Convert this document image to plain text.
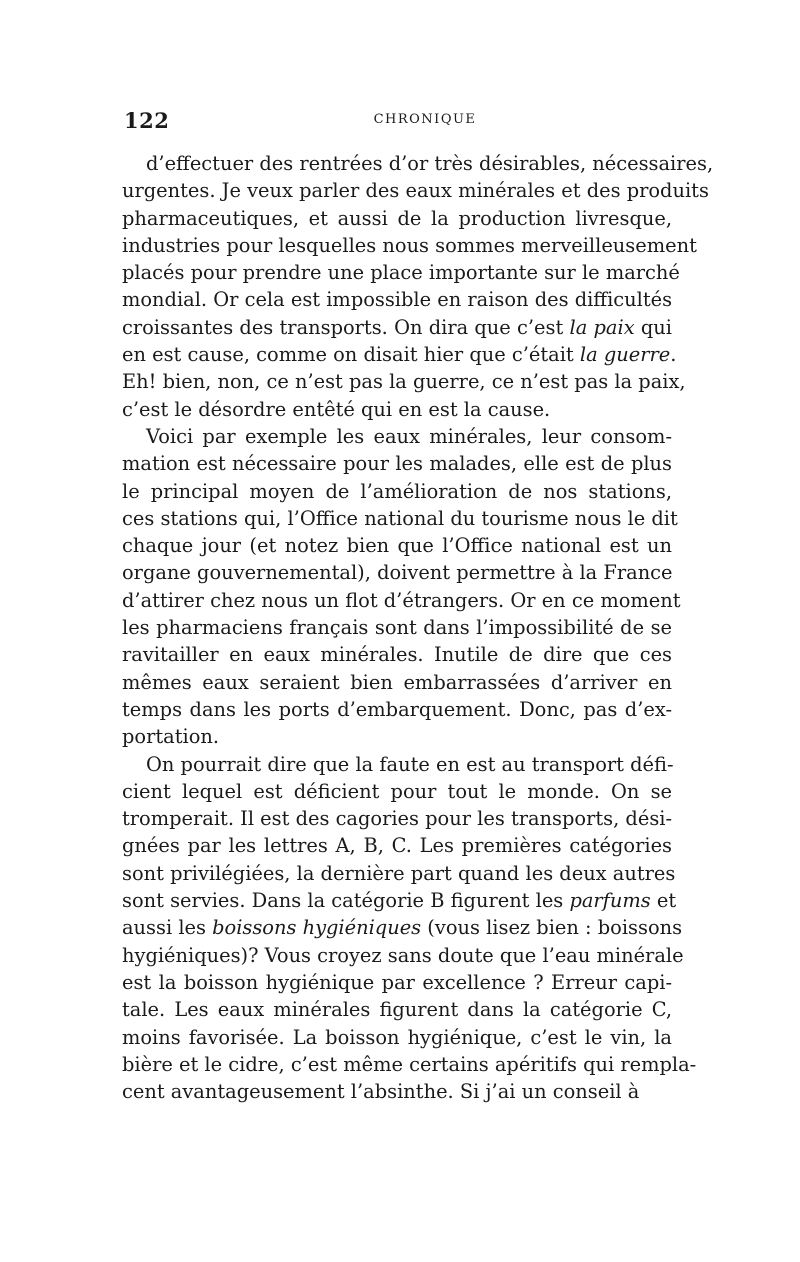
122	CHRONIQUE
d’effectuer des rentrées d’or très désirables, nécessaires,
urgentes. Je veux parler des eaux minérales et des produits
pharmaceutiques, et aussi de la production livresque,
industries pour lesquelles nous sommes merveilleusement
placés pour prendre une place importante sur le marché
mondial. Or cela est impossible en raison des difficultés
croissantes des transports. On dira que c’est la paix qui
en est cause, comme on disait hier que c’était la guerre.
Eh! bien, non, ce n’est pas la guerre, ce n’est pas la paix,
c’est le désordre entêté qui en est la cause.
Voici par exemple les eaux minérales, leur consom-
mation est nécessaire pour les malades, elle est de plus
le principal moyen de l’amélioration de nos stations,
ces stations qui, l’Office national du tourisme nous le dit
chaque jour (et notez bien que l’Office national est un
organe gouvernemental), doivent permettre à la France
d’attirer chez nous un flot d’étrangers. Or en ce moment
les pharmaciens français sont dans l’impossibilité de se
ravitailler en eaux minérales. Inutile de dire que ces
mêmes eaux seraient bien embarrassées d’arriver en
temps dans les ports d’embarquement. Donc, pas d’ex-
portation.
On pourrait dire que la faute en est au transport défi-
cient lequel est déficient pour tout le monde. On se
tromperait. Il est des cagories pour les transports, dési-
gnées par les lettres A, B, C. Les premières catégories
sont privilégiées, la dernière part quand les deux autres
sont servies. Dans la catégorie B figurent les parfums et
aussi les boissons hygiéniques (vous lisez bien : boissons
hygiéniques)? Vous croyez sans doute que l’eau minérale
est la boisson hygiénique par excellence ? Erreur capi-
tale. Les eaux minérales figurent dans la catégorie C,
moins favorisée. La boisson hygiénique, c’est le vin, la
bière et le cidre, c’est même certains apéritifs qui rempla-
cent avantageusement l’absinthe. Si j’ai un conseil à
